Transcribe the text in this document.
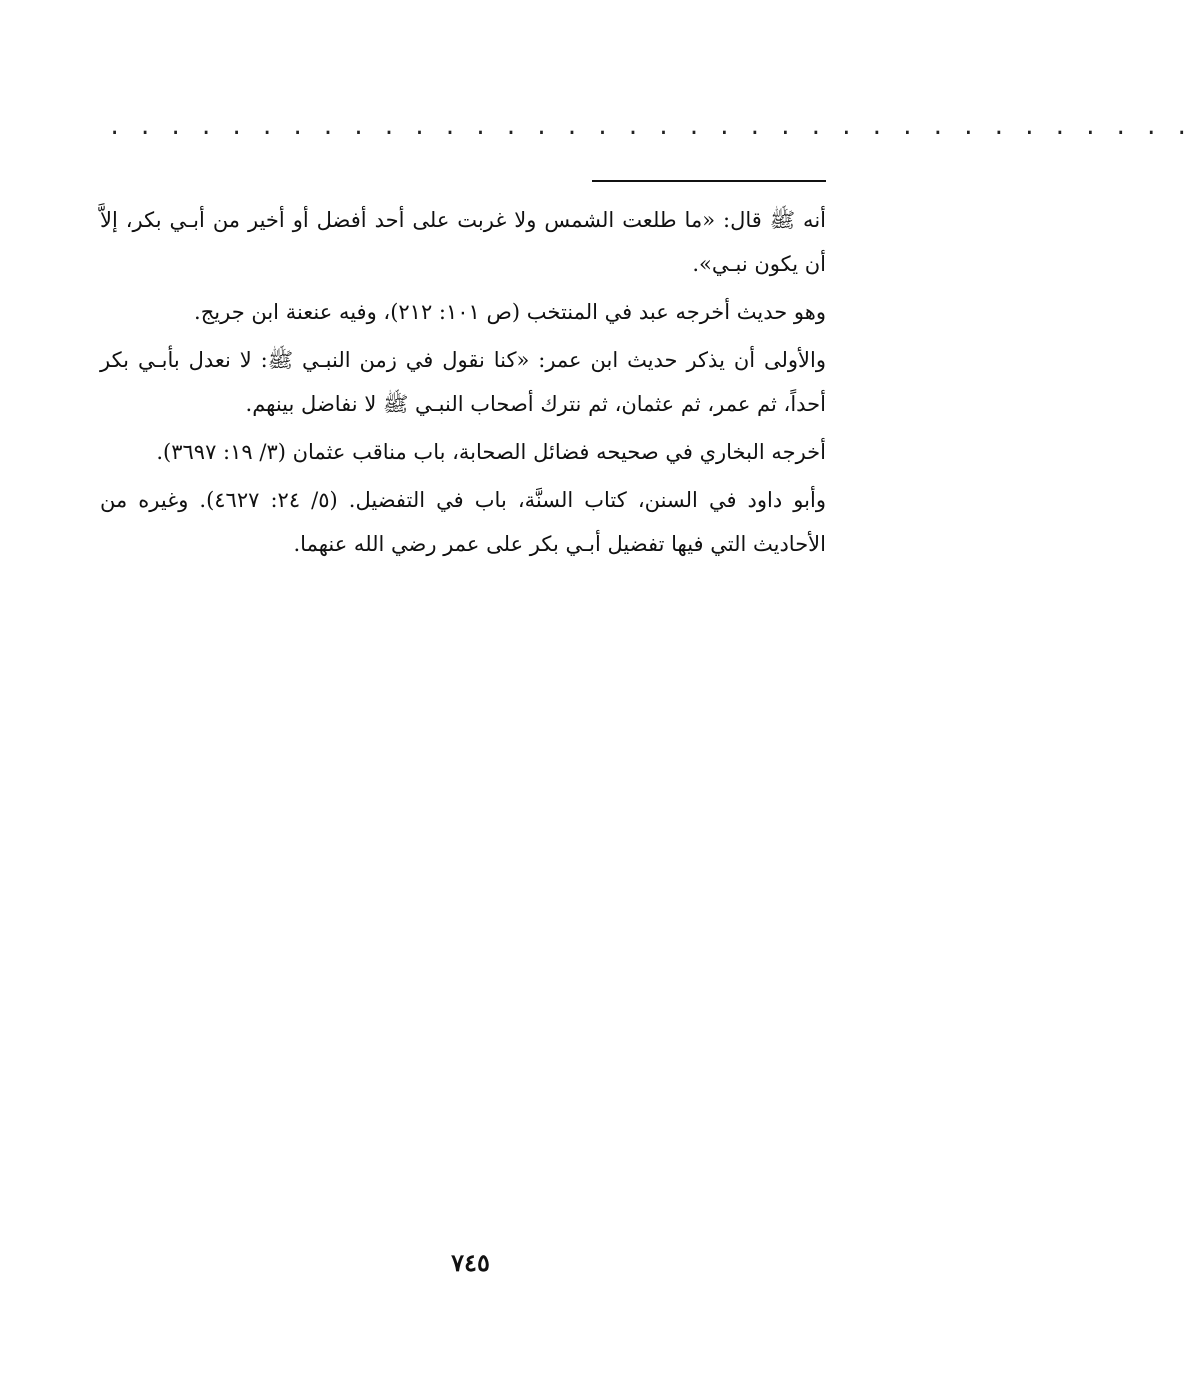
. . . . . . . . . . . . . . . . . . . . . . . . . . . . . . . . . . . .

أنه ﷺ قال: «ما طلعت الشمس ولا غربت على أحد أفضل أو أخير من أبـي بكر، إلاَّ أن يكون نبـي».

وهو حديث أخرجه عبد في المنتخب (ص ١٠١: ٢١٢)، وفيه عنعنة ابن جريج.

والأولى أن يذكر حديث ابن عمر: «كنا نقول في زمن النبـي ﷺ: لا نعدل بأبـي بكر أحداً، ثم عمر، ثم عثمان، ثم نترك أصحاب النبـي ﷺ لا نفاضل بينهم.

أخرجه البخاري في صحيحه فضائل الصحابة، باب مناقب عثمان (٣/ ١٩: ٣٦٩٧).

وأبو داود في السنن، كتاب السنَّة، باب في التفضيل. (٥/ ٢٤: ٤٦٢٧). وغيره من الأحاديث التي فيها تفضيل أبـي بكر على عمر رضي الله عنهما.

٧٤٥
